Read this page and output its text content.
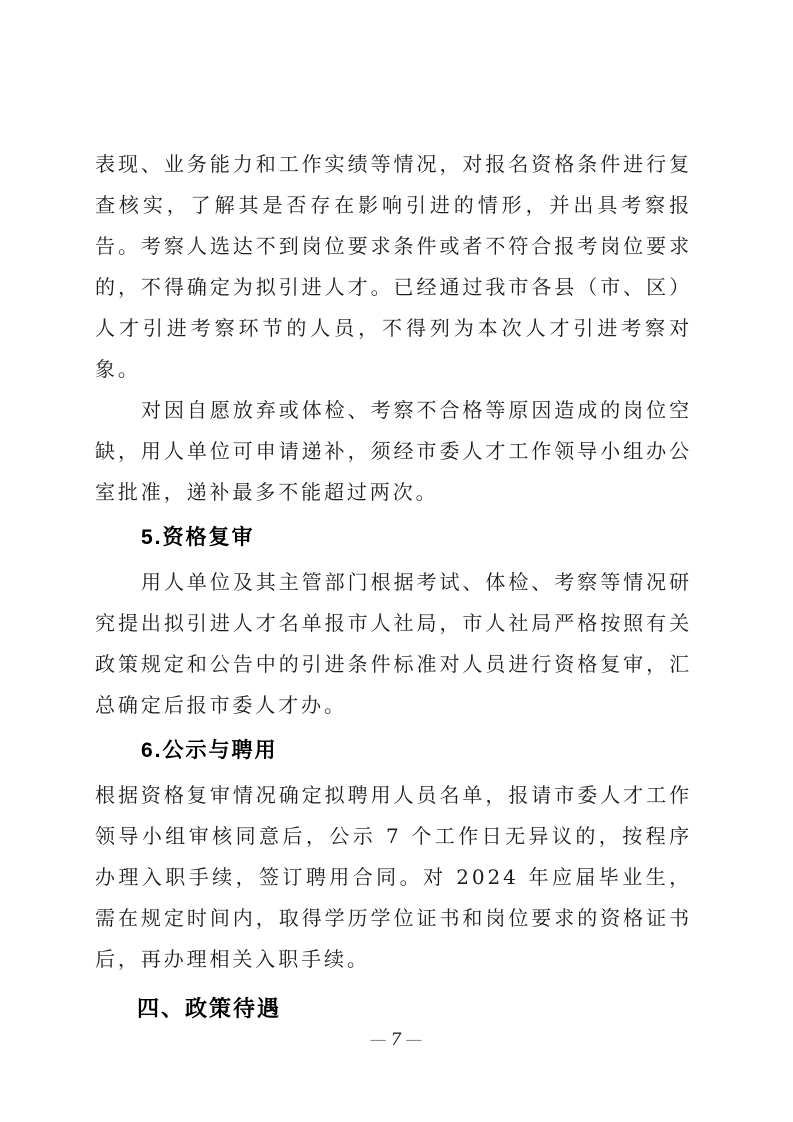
表现、业务能力和工作实绩等情况，对报名资格条件进行复查核实，了解其是否存在影响引进的情形，并出具考察报告。考察人选达不到岗位要求条件或者不符合报考岗位要求的，不得确定为拟引进人才。已经通过我市各县（市、区）人才引进考察环节的人员，不得列为本次人才引进考察对象。

对因自愿放弃或体检、考察不合格等原因造成的岗位空缺，用人单位可申请递补，须经市委人才工作领导小组办公室批准，递补最多不能超过两次。

5.资格复审

用人单位及其主管部门根据考试、体检、考察等情况研究提出拟引进人才名单报市人社局，市人社局严格按照有关政策规定和公告中的引进条件标准对人员进行资格复审，汇总确定后报市委人才办。

6.公示与聘用

根据资格复审情况确定拟聘用人员名单，报请市委人才工作领导小组审核同意后，公示 7 个工作日无异议的，按程序办理入职手续，签订聘用合同。对 2024 年应届毕业生，需在规定时间内，取得学历学位证书和岗位要求的资格证书后，再办理相关入职手续。

四、政策待遇
— 7 —
